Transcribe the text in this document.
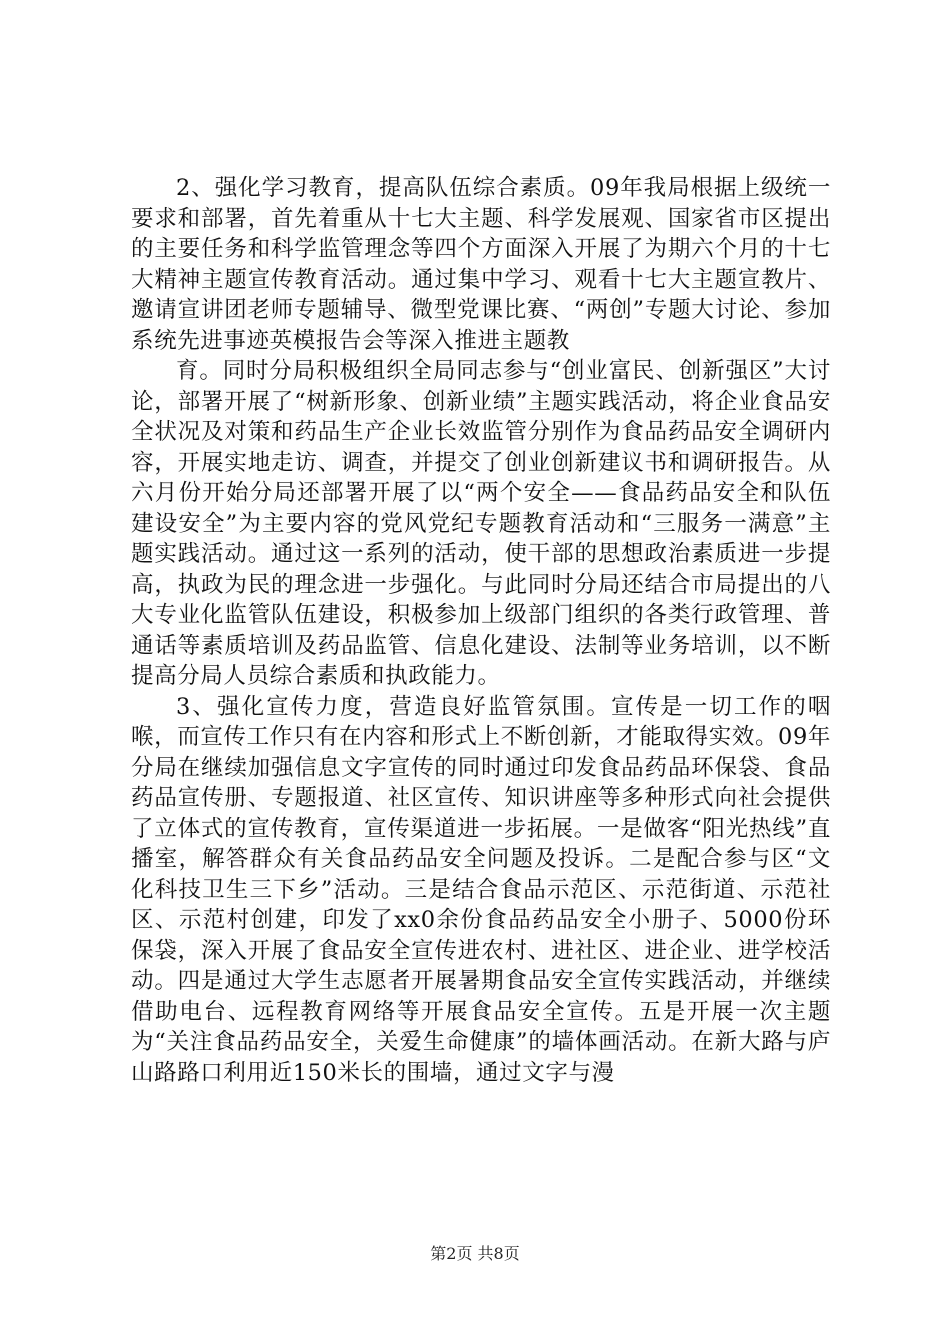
2、强化学习教育，提高队伍综合素质。09年我局根据上级统一要求和部署，首先着重从十七大主题、科学发展观、国家省市区提出的主要任务和科学监管理念等四个方面深入开展了为期六个月的十七大精神主题宣传教育活动。通过集中学习、观看十七大主题宣教片、邀请宣讲团老师专题辅导、微型党课比赛、“两创”专题大讨论、参加系统先进事迹英模报告会等深入推进主题教

育。同时分局积极组织全局同志参与“创业富民、创新强区”大讨论，部署开展了“树新形象、创新业绩”主题实践活动，将企业食品安全状况及对策和药品生产企业长效监管分别作为食品药品安全调研内容，开展实地走访、调查，并提交了创业创新建议书和调研报告。从六月份开始分局还部署开展了以“两个安全——食品药品安全和队伍建设安全”为主要内容的党风党纪专题教育活动和“三服务一满意”主题实践活动。通过这一系列的活动，使干部的思想政治素质进一步提高，执政为民的理念进一步强化。与此同时分局还结合市局提出的八大专业化监管队伍建设，积极参加上级部门组织的各类行政管理、普通话等素质培训及药品监管、信息化建设、法制等业务培训，以不断提高分局人员综合素质和执政能力。

3、强化宣传力度，营造良好监管氛围。宣传是一切工作的咽喉，而宣传工作只有在内容和形式上不断创新，才能取得实效。09年分局在继续加强信息文字宣传的同时通过印发食品药品环保袋、食品药品宣传册、专题报道、社区宣传、知识讲座等多种形式向社会提供了立体式的宣传教育，宣传渠道进一步拓展。一是做客“阳光热线”直播室，解答群众有关食品药品安全问题及投诉。二是配合参与区“文化科技卫生三下乡”活动。三是结合食品示范区、示范街道、示范社区、示范村创建，印发了xx0余份食品药品安全小册子、5000份环保袋，深入开展了食品安全宣传进农村、进社区、进企业、进学校活动。四是通过大学生志愿者开展暑期食品安全宣传实践活动，并继续借助电台、远程教育网络等开展食品安全宣传。五是开展一次主题为“关注食品药品安全，关爱生命健康”的墙体画活动。在新大路与庐山路路口利用近150米长的围墙，通过文字与漫

第2页 共8页
